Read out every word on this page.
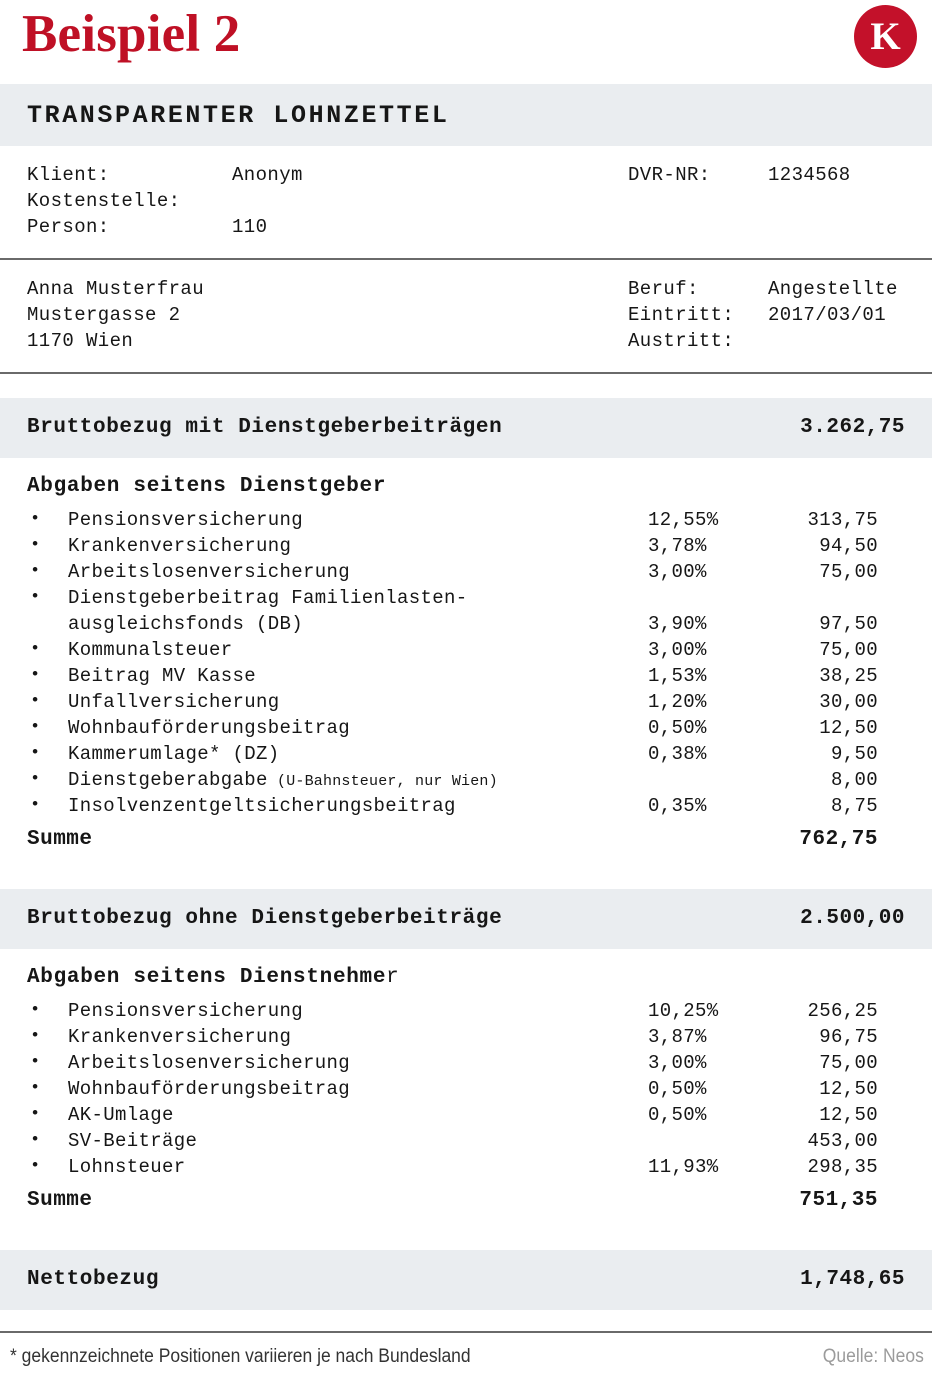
Beispiel 2	K
TRANSPARENTER LOHNZETTEL
Klient:	Anonym	DVR-NR:	1234568
Kostenstelle:
Person:	110
Anna Musterfrau	Beruf:	Angestellte
Mustergasse 2	Eintritt: 2017/03/01
1170 Wien	Austritt:
Bruttobezug mit Dienstgeberbeiträgen	3.262,75
Abgaben seitens Dienstgeber
• Pensionsversicherung	12,55%	313,75
• Krankenversicherung	3,78%	94,50
• Arbeitslosenversicherung	3,00%	75,00
• Dienstgeberbeitrag Familienlasten-
ausgleichsfonds (DB)	3,90%	97,50
• Kommunalsteuer	3,00%	75,00
• Beitrag MV Kasse	1,53%	38,25
• Unfallversicherung	1,20%	30,00
• Wohnbauförderungsbeitrag	0,50%	12,50
• Kammerumlage* (DZ)	0,38%	9,50
• Dienstgeberabgabe (U-Bahnsteuer, nur Wien)	8,00
• Insolvenzentgeltsicherungsbeitrag	0,35%	8,75
Summe	762,75
Bruttobezug ohne Dienstgeberbeiträge	2.500,00
Abgaben seitens Dienstnehmer
• Pensionsversicherung	10,25%	256,25
• Krankenversicherung	3,87%	96,75
• Arbeitslosenversicherung	3,00%	75,00
• Wohnbauförderungsbeitrag	0,50%	12,50
• AK-Umlage	0,50%	12,50
• SV-Beiträge	453,00
• Lohnsteuer	11,93%	298,35
Summe	751,35
Nettobezug	1,748,65
* gekennzeichnete Positionen variieren je nach Bundesland	Quelle: Neos
